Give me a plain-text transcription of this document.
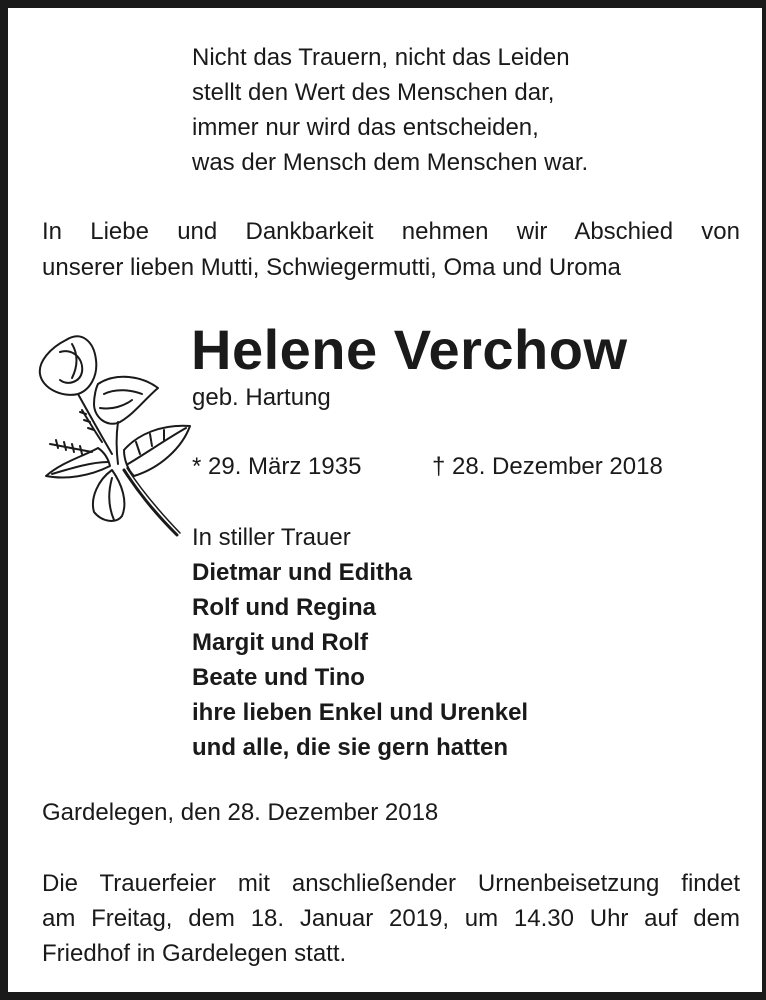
Nicht das Trauern, nicht das Leiden
stellt den Wert des Menschen dar,
immer nur wird das entscheiden,
was der Mensch dem Menschen war.
In Liebe und Dankbarkeit nehmen wir Abschied von
unserer lieben Mutti, Schwiegermutti, Oma und Uroma
Helene Verchow
geb. Hartung
* 29. März 1935	† 28. Dezember 2018
In stiller Trauer
Dietmar und Editha
Rolf und Regina
Margit und Rolf
Beate und Tino
ihre lieben Enkel und Urenkel
und alle, die sie gern hatten
Gardelegen, den 28. Dezember 2018
Die Trauerfeier mit anschließender Urnenbeisetzung findet
am Freitag, dem 18. Januar 2019, um 14.30 Uhr auf dem
Friedhof in Gardelegen statt.
